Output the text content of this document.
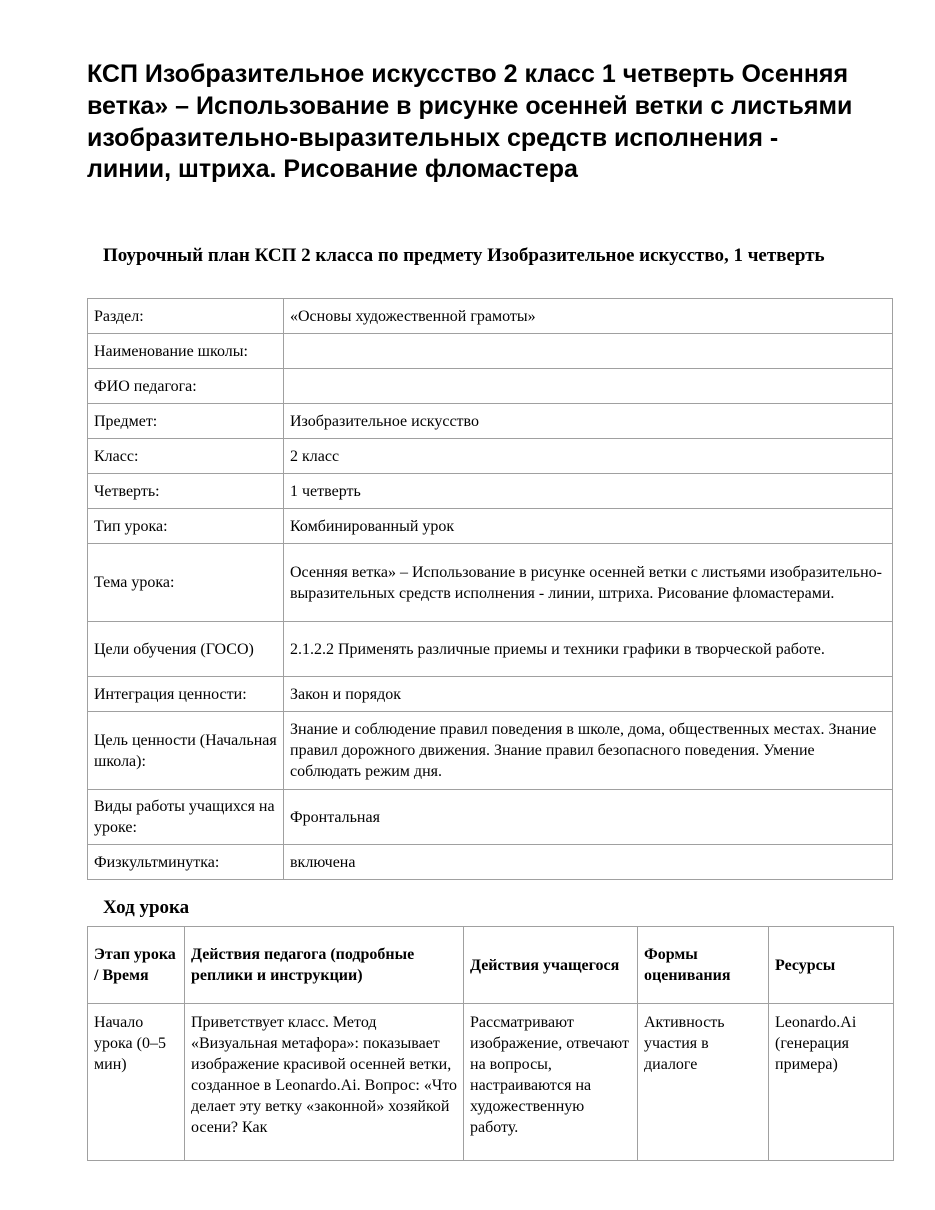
КСП Изобразительное искусство 2 класс 1 четверть Осенняя ветка» – Использование в рисунке осенней ветки с листьями изобразительно-выразительных средств исполнения - линии, штриха. Рисование фломастера
Поурочный план КСП 2 класса по предмету Изобразительное искусство, 1 четверть
Раздел:	«Основы художественной грамоты»
Наименование школы:	
ФИО педагога:	
Предмет:	Изобразительное искусство
Класс:	2 класс
Четверть:	1 четверть
Тип урока:	Комбинированный урок
Тема урока:	Осенняя ветка» – Использование в рисунке осенней ветки с листьями изобразительно-выразительных средств исполнения - линии, штриха. Рисование фломастерами.
Цели обучения (ГОСО)	2.1.2.2 Применять различные приемы и техники графики в творческой работе.
Интеграция ценности:	Закон и порядок
Цель ценности (Начальная школа):	Знание и соблюдение правил поведения в школе, дома, общественных местах. Знание правил дорожного движения. Знание правил безопасного поведения. Умение соблюдать режим дня.
Виды работы учащихся на уроке:	Фронтальная
Физкультминутка:	включена
Ход урока
Этап урока / Время	Действия педагога (подробные реплики и инструкции)	Действия учащегося	Формы оценивания	Ресурсы
Начало урока (0–5 мин)	Приветствует класс. Метод «Визуальная метафора»: показывает изображение красивой осенней ветки, созданное в Leonardo.Ai. Вопрос: «Что делает эту ветку «законной» хозяйкой осени? Как	Рассматривают изображение, отвечают на вопросы, настраиваются на художественную работу.	Активность участия в диалоге	Leonardo.Ai (генерация примера)
